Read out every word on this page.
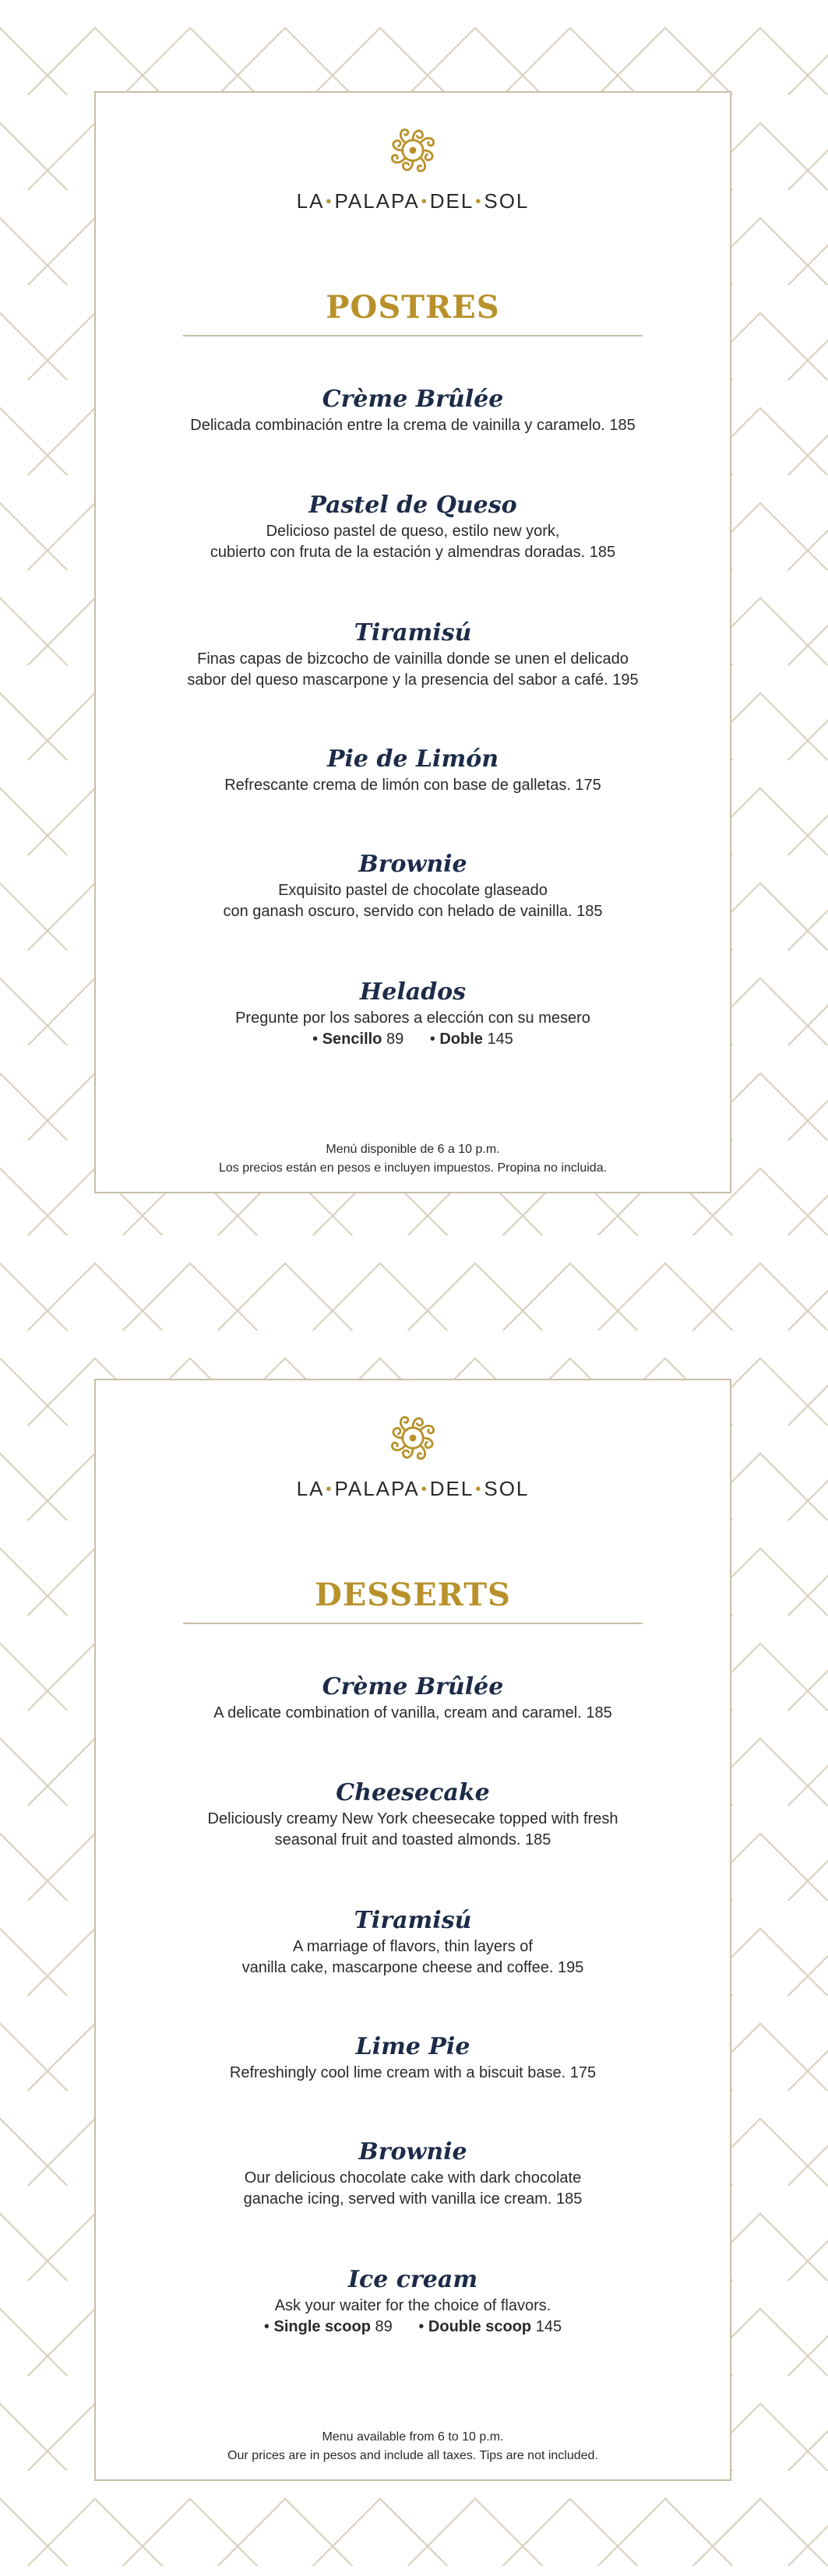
LA •PALAPA •DEL •SOL
POSTRES
Crème Brûlée
Delicada combinación entre la crema de vainilla y caramelo. 185
Pastel de Queso
Delicioso pastel de queso, estilo new york,
cubierto con fruta de la estación y almendras doradas. 185
Tiramisú
Finas capas de bizcocho de vainilla donde se unen el delicado
sabor del queso mascarpone y la presencia del sabor a café. 195
Pie de Limón
Refrescante crema de limón con base de galletas. 175
Brownie
Exquisito pastel de chocolate glaseado
con ganash oscuro, servido con helado de vainilla. 185
Helados
Pregunte por los sabores a elección con su mesero
• Sencillo 89 • Doble 145
Menú disponible de 6 a 10 p.m.
Los precios están en pesos e incluyen impuestos. Propina no incluida.
LA •PALAPA •DEL •SOL
DESSERTS
Crème Brûlée
A delicate combination of vanilla, cream and caramel. 185
Cheesecake
Deliciously creamy New York cheesecake topped with fresh
seasonal fruit and toasted almonds. 185
Tiramisú
A marriage of flavors, thin layers of
vanilla cake, mascarpone cheese and coffee. 195
Lime Pie
Refreshingly cool lime cream with a biscuit base. 175
Brownie
Our delicious chocolate cake with dark chocolate
ganache icing, served with vanilla ice cream. 185
Ice cream
Ask your waiter for the choice of flavors.
• Single scoop 89 • Double scoop 145
Menu available from 6 to 10 p.m.
Our prices are in pesos and include all taxes. Tips are not included.
